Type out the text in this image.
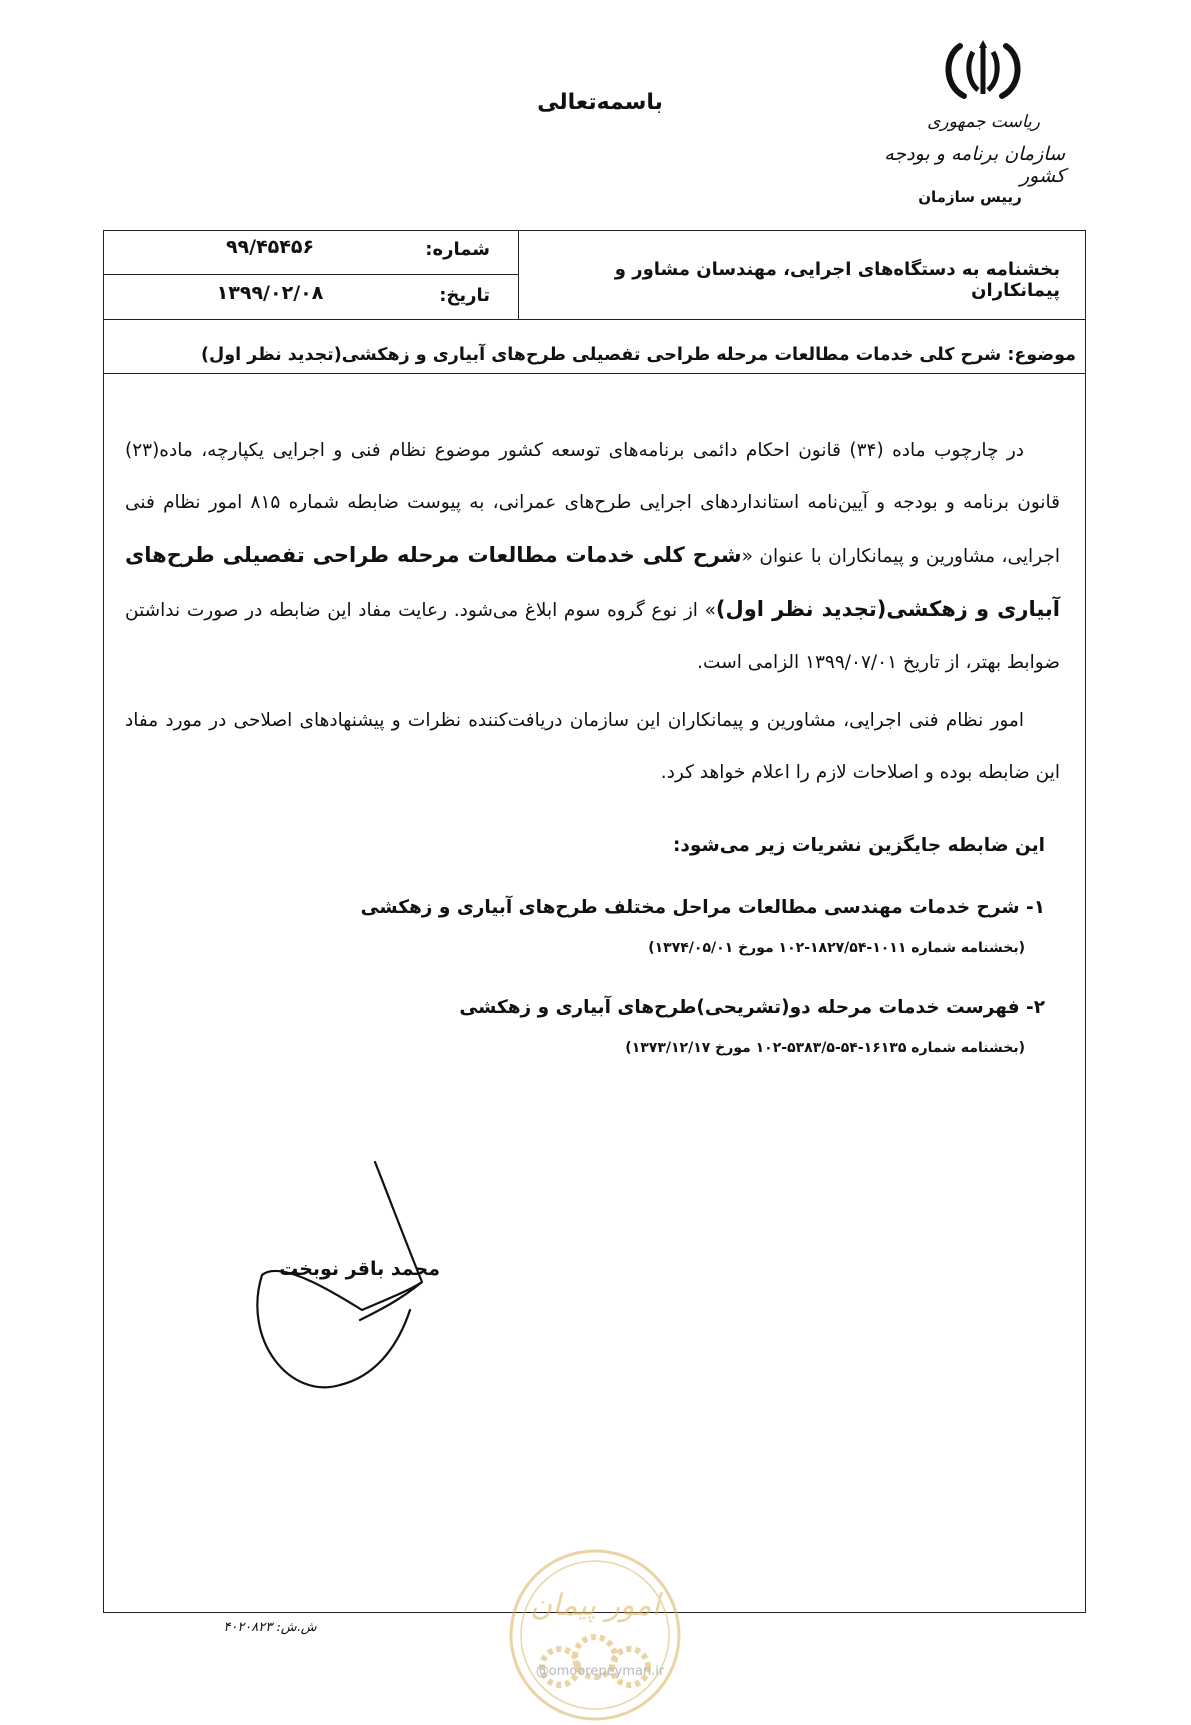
باسمه‌تعالی
ریاست جمهوری
سازمان برنامه و بودجه کشور
رییس سازمان
شماره:
۹۹/۴۵۴۵۶
تاریخ:
۱۳۹۹/۰۲/۰۸
بخشنامه به دستگاه‌های اجرایی، مهندسان مشاور و پیمانکاران
موضوع: شرح کلی خدمات مطالعات مرحله طراحی تفصیلی طرح‌های آبیاری و زهکشی(تجدید نظر اول)
در چارچوب ماده (۳۴) قانون احکام دائمی برنامه‌های توسعه کشور موضوع نظام فنی و اجرایی یکپارچه، ماده(۲۳) قانون برنامه و بودجه و آیین‌نامه استانداردهای اجرایی طرح‌های عمرانی، به پیوست ضابطه شماره ۸۱۵ امور نظام فنی اجرایی، مشاورین و پیمانکاران با عنوان «شرح کلی خدمات مطالعات مرحله طراحی تفصیلی طرح‌های آبیاری و زهکشی(تجدید نظر اول)» از نوع گروه سوم ابلاغ می‌شود. رعایت مفاد این ضابطه در صورت نداشتن ضوابط بهتر، از تاریخ ۱۳۹۹/۰۷/۰۱ الزامی است.
امور نظام فنی اجرایی، مشاورین و پیمانکاران این سازمان دریافت‌کننده نظرات و پیشنهادهای اصلاحی در مورد مفاد این ضابطه بوده و اصلاحات لازم را اعلام خواهد کرد.
این ضابطه جایگزین نشریات زیر می‌شود:
۱- شرح خدمات مهندسی مطالعات مراحل مختلف طرح‌های آبیاری و زهکشی
(بخشنامه شماره ۱۰۱۱-۱۸۲۷/۵۴-۱۰۲ مورخ ۱۳۷۴/۰۵/۰۱)
۲- فهرست خدمات مرحله دو(تشریحی)طرح‌های آبیاری و زهکشی
(بخشنامه شماره ۱۶۱۳۵-۵۴-۵۳۸۳/۵-۱۰۲ مورخ ۱۳۷۳/۱۲/۱۷)
محمد باقر نوبخت
امور پیمان
ش.ش: ۴۰۲۰۸۲۳
@omoorepeyman.ir
